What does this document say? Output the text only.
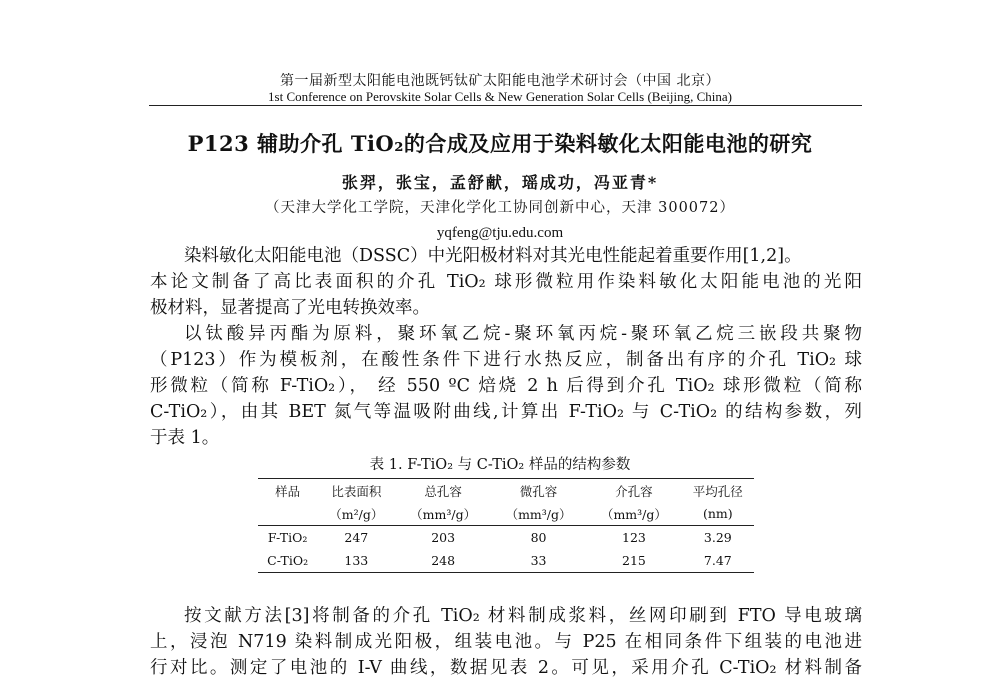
第一届新型太阳能电池既钙钛矿太阳能电池学术研讨会（中国 北京）
1st Conference on Perovskite Solar Cells & New Generation Solar Cells (Beijing, China)
P123 辅助介孔 TiO₂的合成及应用于染料敏化太阳能电池的研究
张羿，张宝，孟舒献，瑶成功，冯亚青*
（天津大学化工学院，天津化学化工协同创新中心，天津 300072）
yqfeng@tju.edu.com
染料敏化太阳能电池（DSSC）中光阳极材料对其光电性能起着重要作用[1,2]。
本论文制备了高比表面积的介孔 TiO₂ 球形微粒用作染料敏化太阳能电池的光阳
极材料，显著提高了光电转换效率。
以钛酸异丙酯为原料，聚环氧乙烷-聚环氧丙烷-聚环氧乙烷三嵌段共聚物
（P123）作为模板剂，在酸性条件下进行水热反应，制备出有序的介孔 TiO₂ 球
形微粒（简称 F-TiO₂）， 经 550 ºC 焙烧 2 h 后得到介孔 TiO₂ 球形微粒（简称
C-TiO₂），由其 BET 氮气等温吸附曲线,计算出 F-TiO₂ 与 C-TiO₂ 的结构参数，列
于表 1。
表 1. F-TiO₂ 与 C-TiO₂ 样品的结构参数
样品	比表面积	总孔容	微孔容	介孔容	平均孔径
	（m²/g）	（mm³/g）	（mm³/g）	（mm³/g）	(nm)
F-TiO₂	247	203	80	123	3.29
C-TiO₂	133	248	33	215	7.47
按文献方法[3]将制备的介孔 TiO₂ 材料制成浆料，丝网印刷到 FTO 导电玻璃
上，浸泡 N719 染料制成光阳极，组装电池。与 P25 在相同条件下组装的电池进
行对比。测定了电池的 I-V 曲线，数据见表 2。可见，采用介孔 C-TiO₂ 材料制备
